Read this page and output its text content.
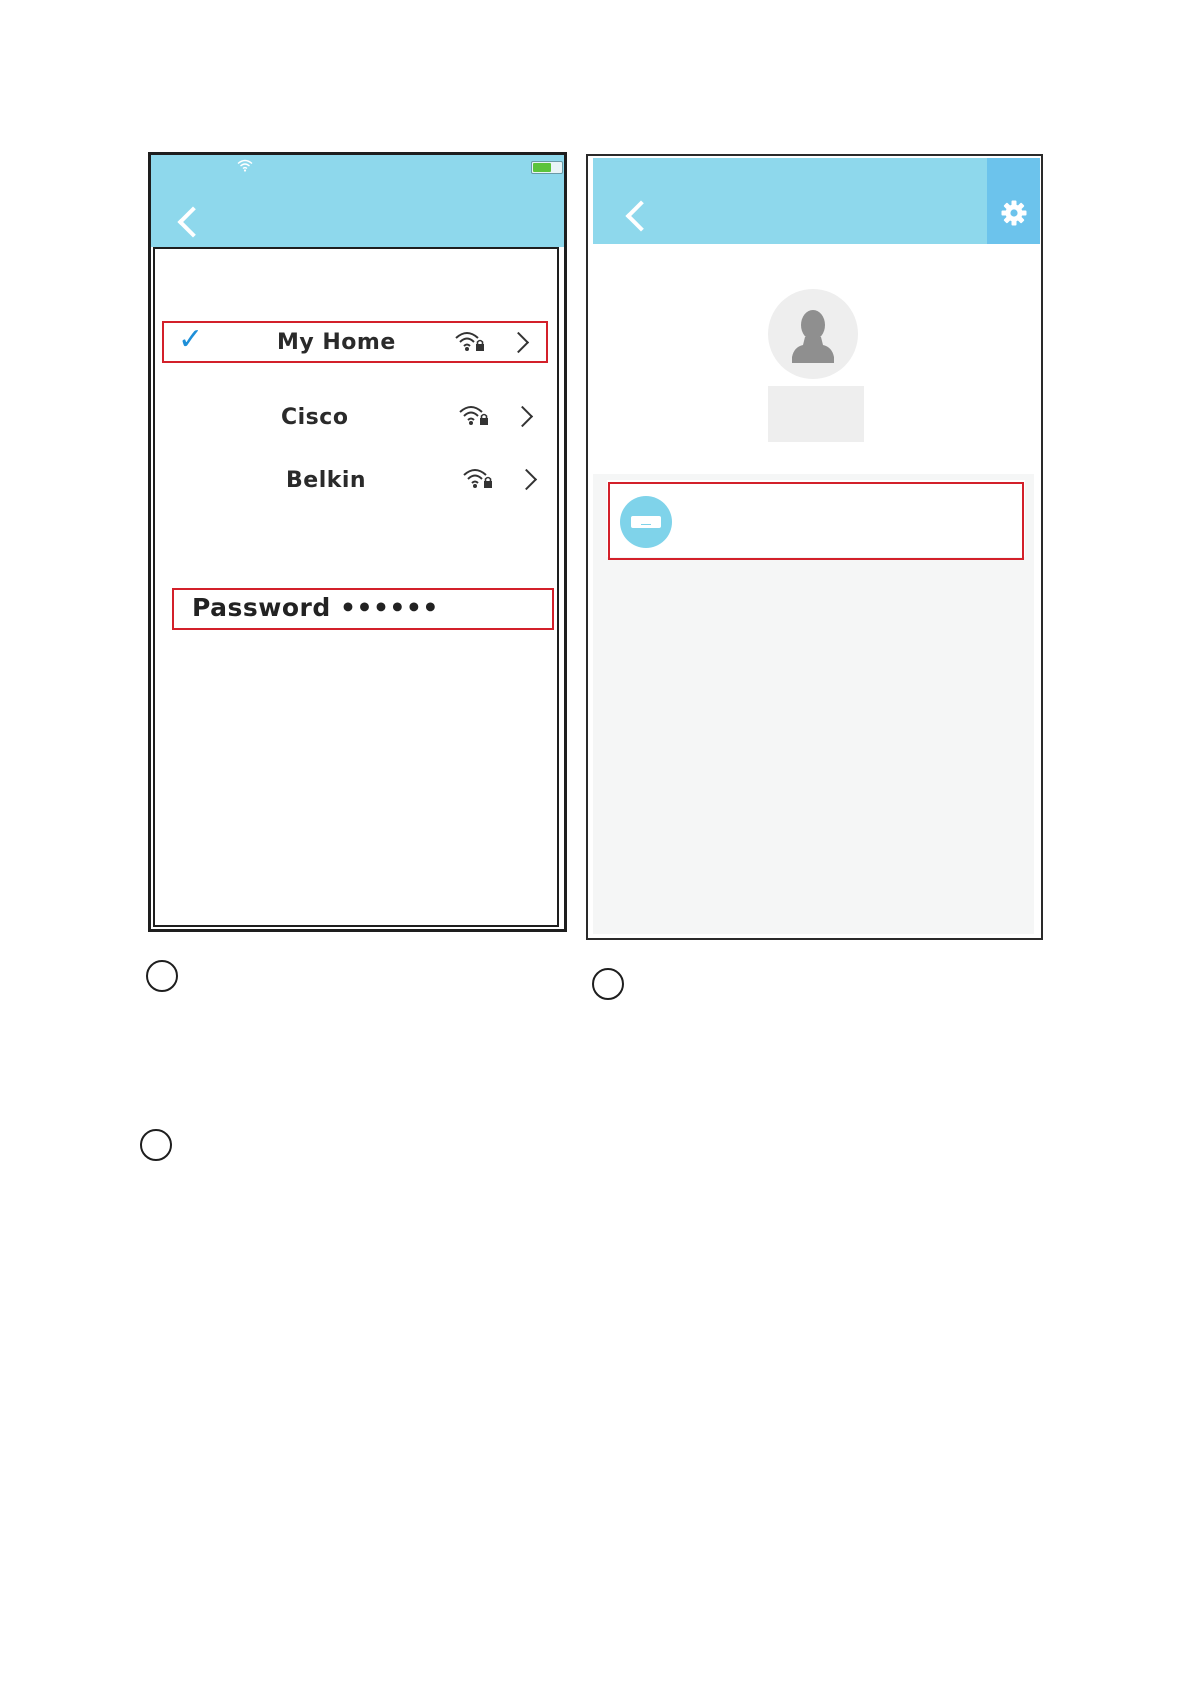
✓	My Home
Cisco
Belkin
Password ••••••
